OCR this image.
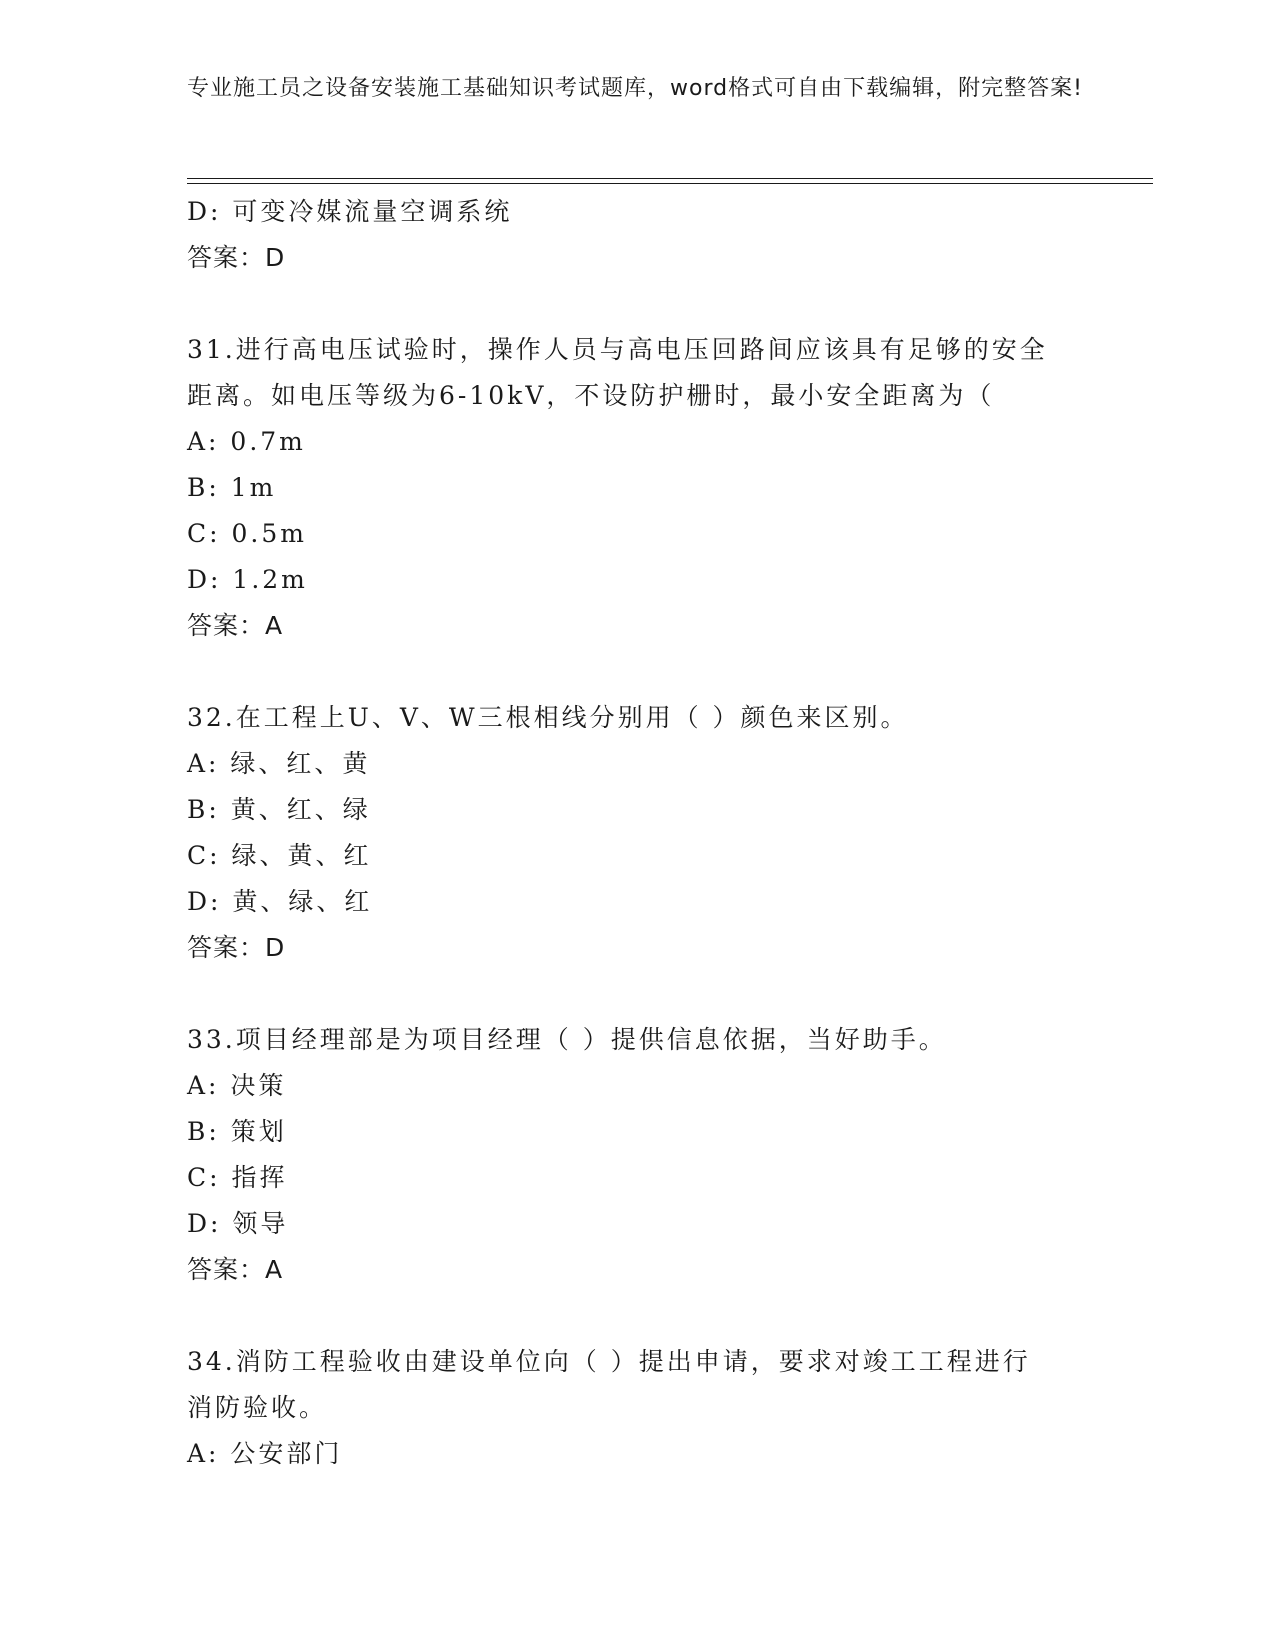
专业施工员之设备安装施工基础知识考试题库，word格式可自由下载编辑，附完整答案!
D: 可变冷媒流量空调系统
答案：D
31.进行高电压试验时，操作人员与高电压回路间应该具有足够的安全
距离。如电压等级为6-10kV，不设防护栅时，最小安全距离为（
A: 0.7m
B: 1m
C: 0.5m
D: 1.2m
答案：A
32.在工程上U、V、W三根相线分别用（ ）颜色来区别。
A: 绿、红、黄
B: 黄、红、绿
C: 绿、黄、红
D: 黄、绿、红
答案：D
33.项目经理部是为项目经理（ ）提供信息依据，当好助手。
A: 决策
B: 策划
C: 指挥
D: 领导
答案：A
34.消防工程验收由建设单位向（ ）提出申请，要求对竣工工程进行
消防验收。
A: 公安部门
